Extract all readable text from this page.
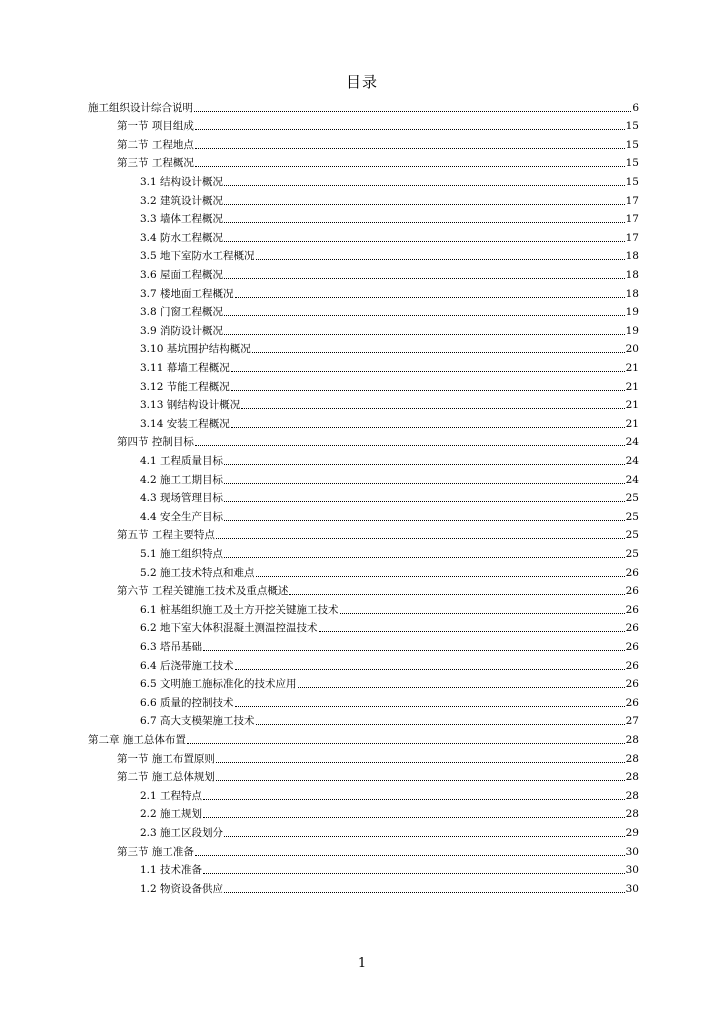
目录
施工组织设计综合说明	6
第一节 项目组成	15
第二节 工程地点	15
第三节 工程概况	15
3.1 结构设计概况	15
3.2 建筑设计概况	17
3.3 墙体工程概况	17
3.4 防水工程概况	17
3.5 地下室防水工程概况	18
3.6 屋面工程概况	18
3.7 楼地面工程概况	18
3.8 门窗工程概况	19
3.9 消防设计概况	19
3.10 基坑围护结构概况	20
3.11 幕墙工程概况	21
3.12 节能工程概况	21
3.13 钢结构设计概况	21
3.14 安装工程概况	21
第四节 控制目标	24
4.1 工程质量目标	24
4.2 施工工期目标	24
4.3 现场管理目标	25
4.4 安全生产目标	25
第五节 工程主要特点	25
5.1 施工组织特点	25
5.2 施工技术特点和难点	26
第六节 工程关键施工技术及重点概述	26
6.1 桩基组织施工及土方开挖关键施工技术	26
6.2 地下室大体积混凝土测温控温技术	26
6.3 塔吊基础	26
6.4 后浇带施工技术	26
6.5 文明施工施标准化的技术应用	26
6.6 质量的控制技术	26
6.7 高大支模架施工技术	27
第二章 施工总体布置	28
第一节 施工布置原则	28
第二节 施工总体规划	28
2.1 工程特点	28
2.2 施工规划	28
2.3 施工区段划分	29
第三节 施工准备	30
1.1 技术准备	30
1.2 物资设备供应	30
1
